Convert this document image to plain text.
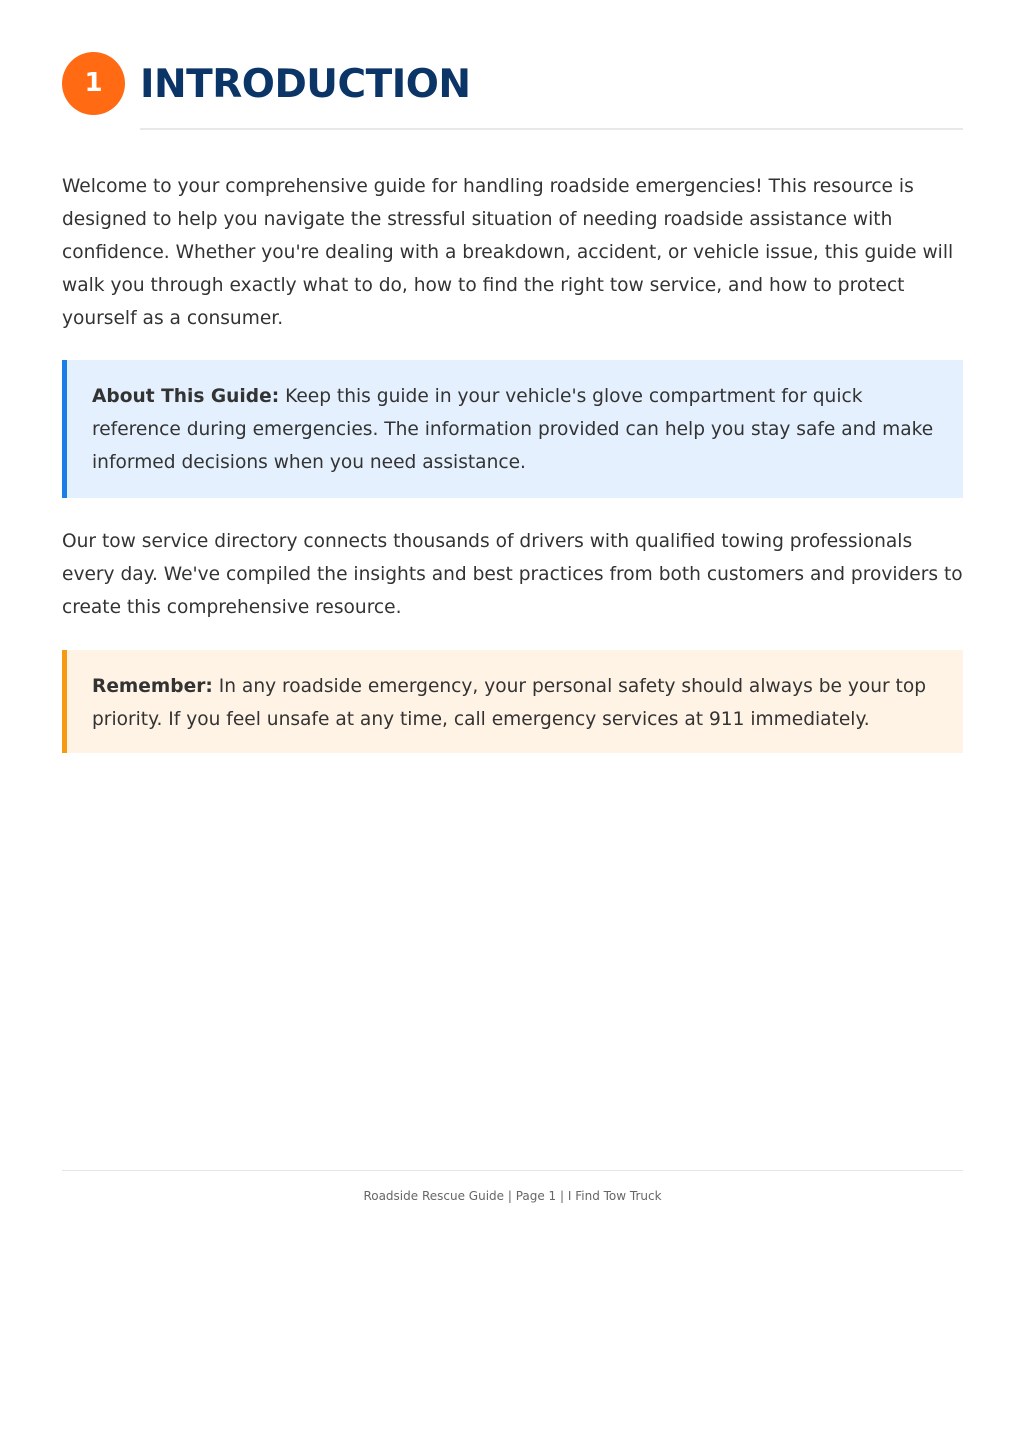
1 INTRODUCTION

Welcome to your comprehensive guide for handling roadside emergencies! This resource is designed to help you navigate the stressful situation of needing roadside assistance with confidence. Whether you're dealing with a breakdown, accident, or vehicle issue, this guide will walk you through exactly what to do, how to find the right tow service, and how to protect yourself as a consumer.

About This Guide: Keep this guide in your vehicle's glove compartment for quick reference during emergencies. The information provided can help you stay safe and make informed decisions when you need assistance.

Our tow service directory connects thousands of drivers with qualified towing professionals every day. We've compiled the insights and best practices from both customers and providers to create this comprehensive resource.

Remember: In any roadside emergency, your personal safety should always be your top priority. If you feel unsafe at any time, call emergency services at 911 immediately.

Roadside Rescue Guide | Page 1 | I Find Tow Truck
